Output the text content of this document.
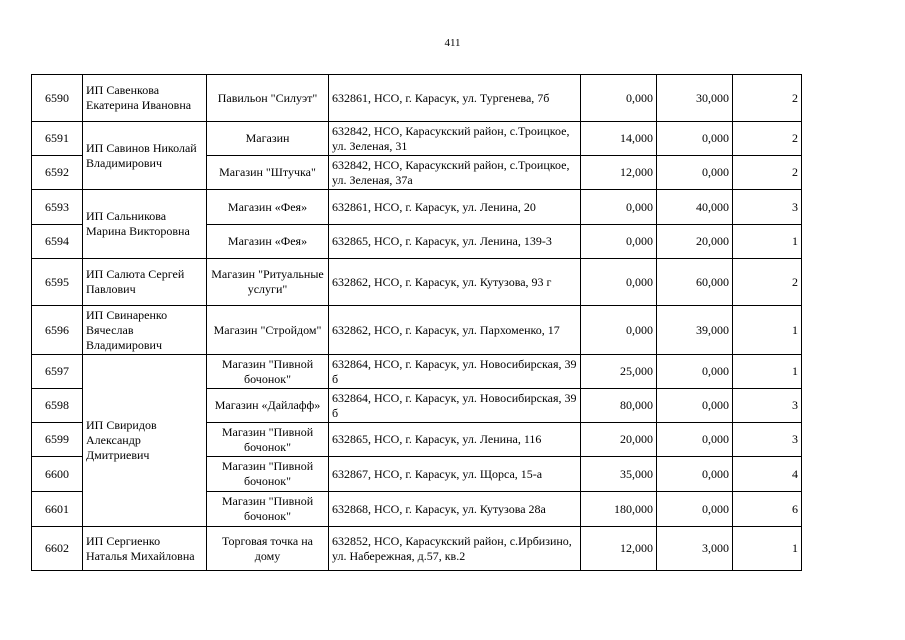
411
6590	ИП Савенкова Екатерина Ивановна	Павильон "Силуэт"	632861, НСО, г. Карасук, ул. Тургенева, 7б	0,000	30,000	2
6591	ИП Савинов Николай Владимирович	Магазин	632842, НСО, Карасукский район, с.Троицкое, ул. Зеленая, 31	14,000	0,000	2
6592		Магазин "Штучка"	632842, НСО, Карасукский район, с.Троицкое, ул. Зеленая, 37а	12,000	0,000	2
6593	ИП Сальникова Марина Викторовна	Магазин «Фея»	632861, НСО, г. Карасук, ул. Ленина, 20	0,000	40,000	3
6594		Магазин «Фея»	632865, НСО, г. Карасук, ул. Ленина, 139-3	0,000	20,000	1
6595	ИП Салюта Сергей Павлович	Магазин "Ритуальные услуги"	632862, НСО, г. Карасук, ул. Кутузова, 93 г	0,000	60,000	2
6596	ИП Свинаренко Вячеслав Владимирович	Магазин "Стройдом"	632862, НСО, г. Карасук, ул. Пархоменко, 17	0,000	39,000	1
6597	ИП Свиридов Александр Дмитриевич	Магазин "Пивной бочонок"	632864, НСО, г. Карасук, ул. Новосибирская, 39 б	25,000	0,000	1
6598		Магазин «Дайлафф»	632864, НСО, г. Карасук, ул. Новосибирская, 39 б	80,000	0,000	3
6599		Магазин "Пивной бочонок"	632865, НСО, г. Карасук, ул. Ленина, 116	20,000	0,000	3
6600		Магазин "Пивной бочонок"	632867, НСО, г. Карасук, ул. Щорса, 15-а	35,000	0,000	4
6601		Магазин "Пивной бочонок"	632868, НСО, г. Карасук, ул. Кутузова 28а	180,000	0,000	6
6602	ИП Сергиенко Наталья Михайловна	Торговая точка на дому	632852, НСО, Карасукский район, с.Ирбизино, ул. Набережная, д.57, кв.2	12,000	3,000	1
